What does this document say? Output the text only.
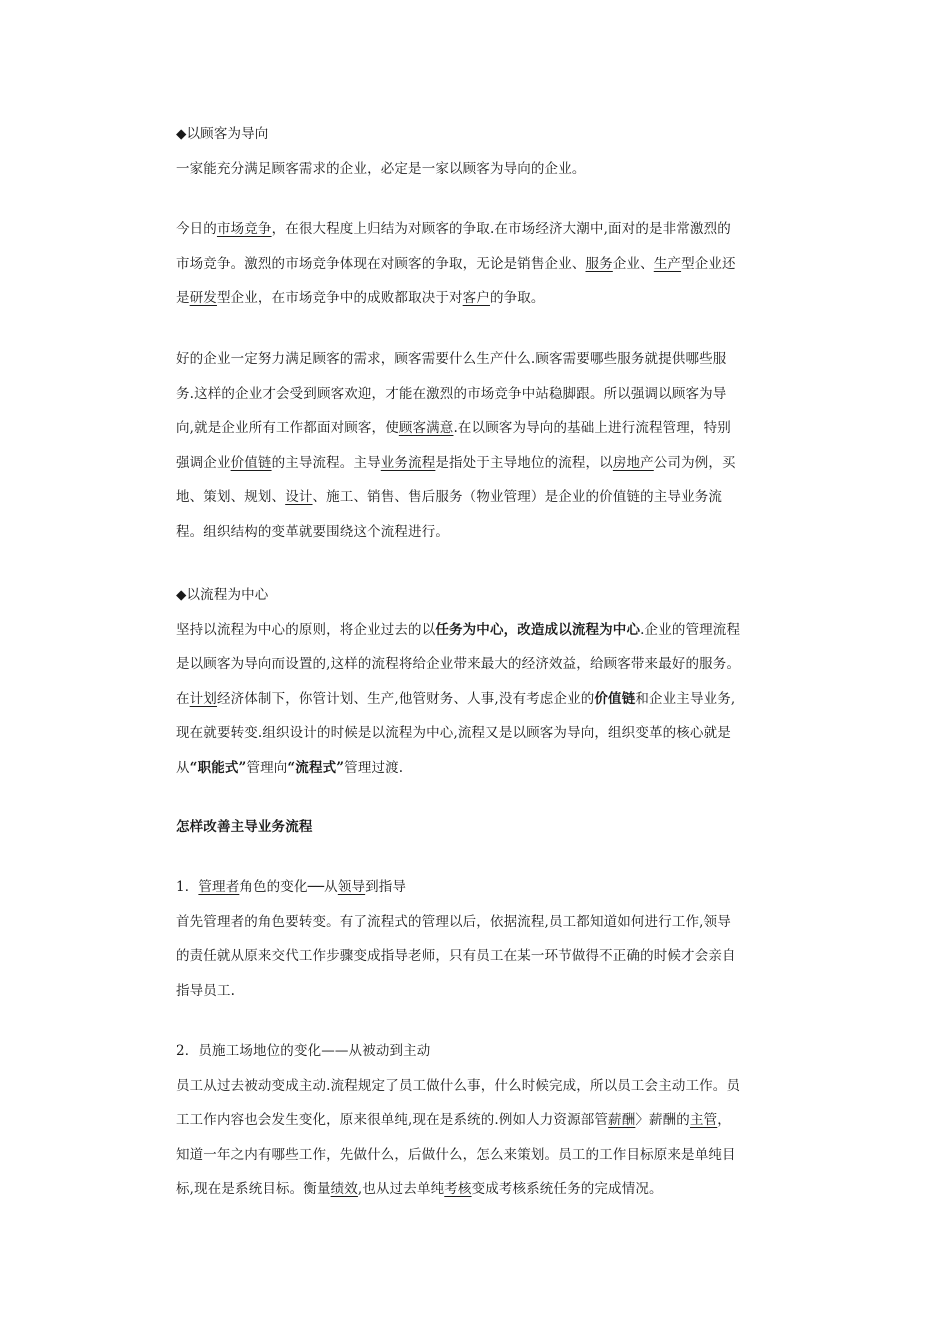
◆以顾客为导向
一家能充分满足顾客需求的企业，必定是一家以顾客为导向的企业。
今日的市场竞争，在很大程度上归结为对顾客的争取.在市场经济大潮中,面对的是非常激烈的
市场竞争。激烈的市场竞争体现在对顾客的争取，无论是销售企业、服务企业、生产型企业还
是研发型企业，在市场竞争中的成败都取决于对客户的争取。
好的企业一定努力满足顾客的需求，顾客需要什么生产什么.顾客需要哪些服务就提供哪些服
务.这样的企业才会受到顾客欢迎，才能在激烈的市场竞争中站稳脚跟。所以强调以顾客为导
向,就是企业所有工作都面对顾客，使顾客满意.在以顾客为导向的基础上进行流程管理，特别
强调企业价值链的主导流程。主导业务流程是指处于主导地位的流程，以房地产公司为例，买
地、策划、规划、设计、施工、销售、售后服务（物业管理）是企业的价值链的主导业务流
程。组织结构的变革就要围绕这个流程进行。
◆以流程为中心
坚持以流程为中心的原则，将企业过去的以任务为中心，改造成以流程为中心.企业的管理流程
是以顾客为导向而设置的,这样的流程将给企业带来最大的经济效益，给顾客带来最好的服务。
在计划经济体制下，你管计划、生产,他管财务、人事,没有考虑企业的价值链和企业主导业务,
现在就要转变.组织设计的时候是以流程为中心,流程又是以顾客为导向，组织变革的核心就是
从“职能式”管理向“流程式”管理过渡.
怎样改善主导业务流程
1．管理者角色的变化──从领导到指导
首先管理者的角色要转变。有了流程式的管理以后，依据流程,员工都知道如何进行工作,领导
的责任就从原来交代工作步骤变成指导老师，只有员工在某一环节做得不正确的时候才会亲自
指导员工.
2．员施工场地位的变化——从被动到主动
员工从过去被动变成主动.流程规定了员工做什么事，什么时候完成，所以员工会主动工作。员
工工作内容也会发生变化，原来很单纯,现在是系统的.例如人力资源部管薪酬〉薪酬的主管，
知道一年之内有哪些工作，先做什么，后做什么，怎么来策划。员工的工作目标原来是单纯目
标,现在是系统目标。衡量绩效,也从过去单纯考核变成考核系统任务的完成情况。
